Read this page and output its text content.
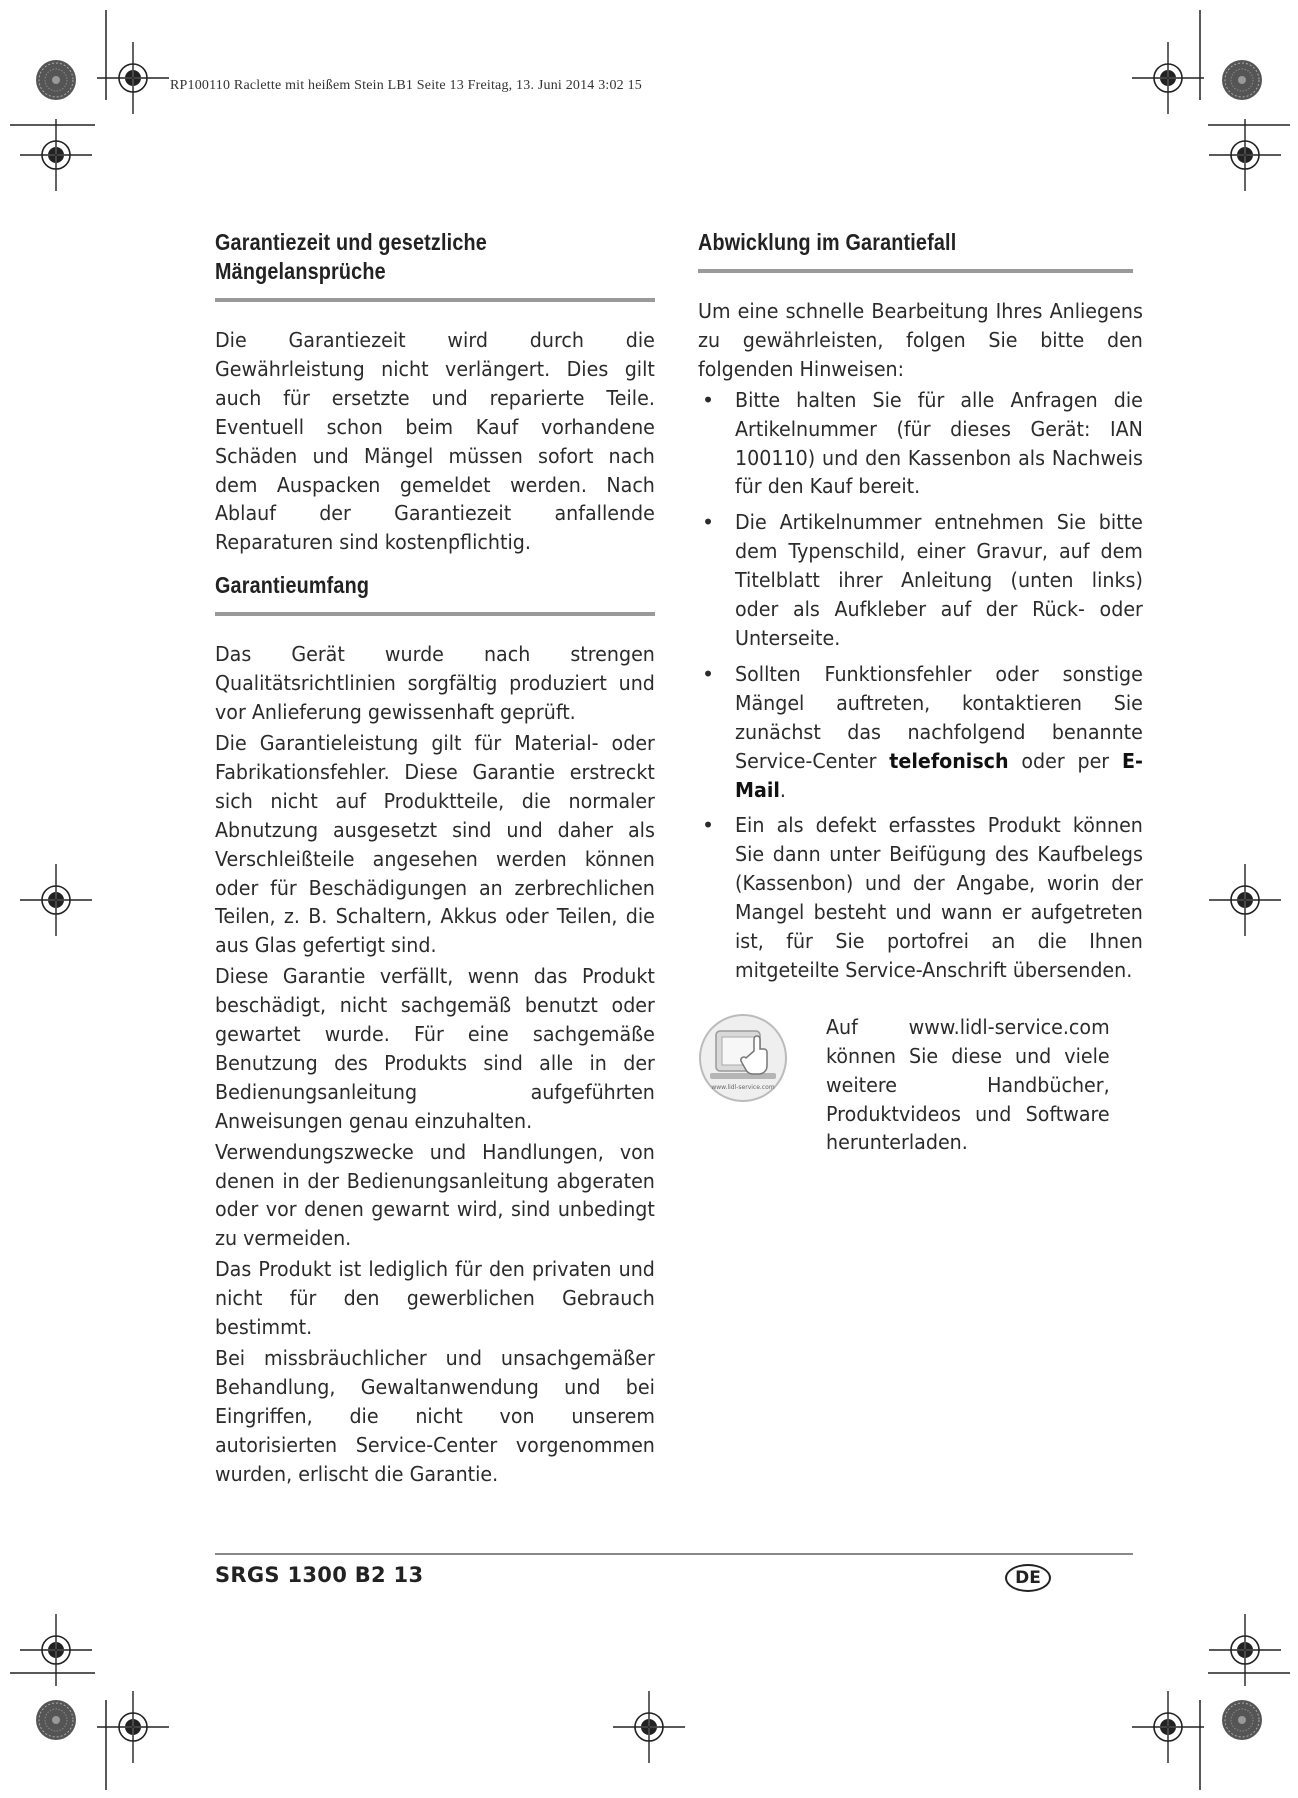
RP100110 Raclette mit heißem Stein LB1 Seite 13 Freitag, 13. Juni 2014 3:02 15
Garantiezeit und gesetzliche Mängelansprüche

Die Garantiezeit wird durch die Gewährleistung nicht verlängert. Dies gilt auch für ersetzte und reparierte Teile. Eventuell schon beim Kauf vorhandene Schäden und Mängel müssen sofort nach dem Auspacken gemeldet werden. Nach Ablauf der Garantiezeit anfallende Reparaturen sind kostenpflichtig.

Garantieumfang

Das Gerät wurde nach strengen Qualitätsrichtlinien sorgfältig produziert und vor Anlieferung gewissenhaft geprüft.

Die Garantieleistung gilt für Material- oder Fabrikationsfehler. Diese Garantie erstreckt sich nicht auf Produktteile, die normaler Abnutzung ausgesetzt sind und daher als Verschleißteile angesehen werden können oder für Beschädigungen an zerbrechlichen Teilen, z. B. Schaltern, Akkus oder Teilen, die aus Glas gefertigt sind.

Diese Garantie verfällt, wenn das Produkt beschädigt, nicht sachgemäß benutzt oder gewartet wurde. Für eine sachgemäße Benutzung des Produkts sind alle in der Bedienungsanleitung aufgeführten Anweisungen genau einzuhalten.

Verwendungszwecke und Handlungen, von denen in der Bedienungsanleitung abgeraten oder vor denen gewarnt wird, sind unbedingt zu vermeiden.

Das Produkt ist lediglich für den privaten und nicht für den gewerblichen Gebrauch bestimmt.

Bei missbräuchlicher und unsachgemäßer Behandlung, Gewaltanwendung und bei Eingriffen, die nicht von unserem autorisierten Service-Center vorgenommen wurden, erlischt die Garantie.

Abwicklung im Garantiefall

Um eine schnelle Bearbeitung Ihres Anliegens zu gewährleisten, folgen Sie bitte den folgenden Hinweisen:

• Bitte halten Sie für alle Anfragen die Artikelnummer (für dieses Gerät: IAN 100110) und den Kassenbon als Nachweis für den Kauf bereit.
• Die Artikelnummer entnehmen Sie bitte dem Typenschild, einer Gravur, auf dem Titelblatt ihrer Anleitung (unten links) oder als Aufkleber auf der Rück- oder Unterseite.
• Sollten Funktionsfehler oder sonstige Mängel auftreten, kontaktieren Sie zunächst das nachfolgend benannte Service-Center telefonisch oder per E-Mail.
• Ein als defekt erfasstes Produkt können Sie dann unter Beifügung des Kaufbelegs (Kassenbon) und der Angabe, worin der Mangel besteht und wann er aufgetreten ist, für Sie portofrei an die Ihnen mitgeteilte Service-Anschrift übersenden.
www.lidl-service.com

Auf www.lidl-service.com können Sie diese und viele weitere Handbücher, Produktvideos und Software herunterladen.

SRGS 1300 B2 13	DE
